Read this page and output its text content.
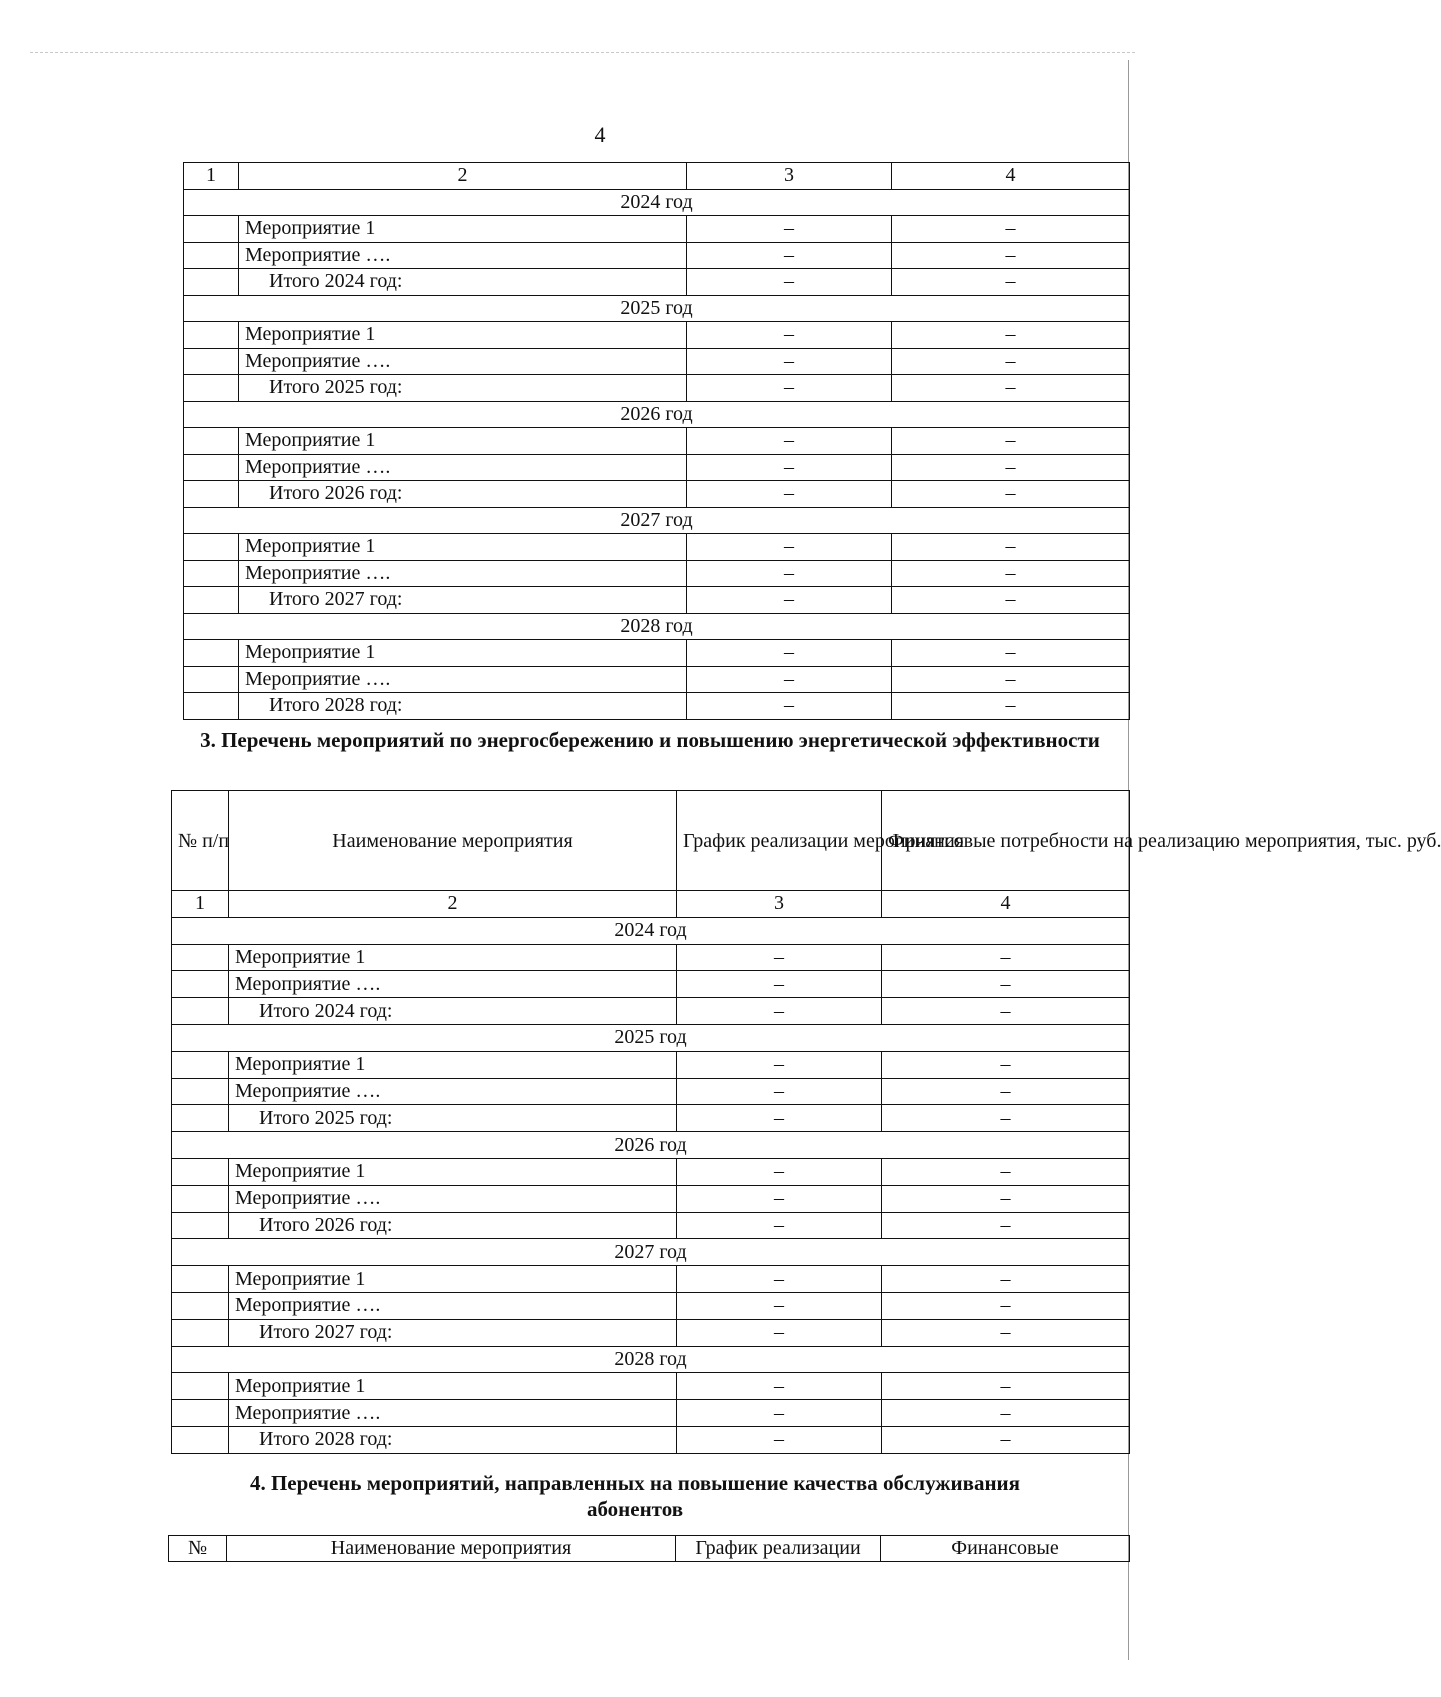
4
1	2	3	4
2024 год			
	Мероприятие 1	–	–
	Мероприятие ….	–	–
	Итого 2024 год:	–	–
2025 год			
	Мероприятие 1	–	–
	Мероприятие ….	–	–
	Итого 2025 год:	–	–
2026 год			
	Мероприятие 1	–	–
	Мероприятие ….	–	–
	Итого 2026 год:	–	–
2027 год			
	Мероприятие 1	–	–
	Мероприятие ….	–	–
	Итого 2027 год:	–	–
2028 год			
	Мероприятие 1	–	–
	Мероприятие ….	–	–
	Итого 2028 год:	–	–
3. Перечень мероприятий по энергосбережению и повышению энергетической эффективности
№ п/п	Наименование мероприятия	График реализации мероприятия	Финансовые потребности на реализацию мероприятия, тыс. руб.
1	2	3	4
2024 год			
	Мероприятие 1	–	–
	Мероприятие ….	–	–
	Итого 2024 год:	–	–
2025 год			
	Мероприятие 1	–	–
	Мероприятие ….	–	–
	Итого 2025 год:	–	–
2026 год			
	Мероприятие 1	–	–
	Мероприятие ….	–	–
	Итого 2026 год:	–	–
2027 год			
	Мероприятие 1	–	–
	Мероприятие ….	–	–
	Итого 2027 год:	–	–
2028 год			
	Мероприятие 1	–	–
	Мероприятие ….	–	–
	Итого 2028 год:	–	–
4. Перечень мероприятий, направленных на повышение качества обслуживания абонентов
№	Наименование мероприятия	График реализации	Финансовые
